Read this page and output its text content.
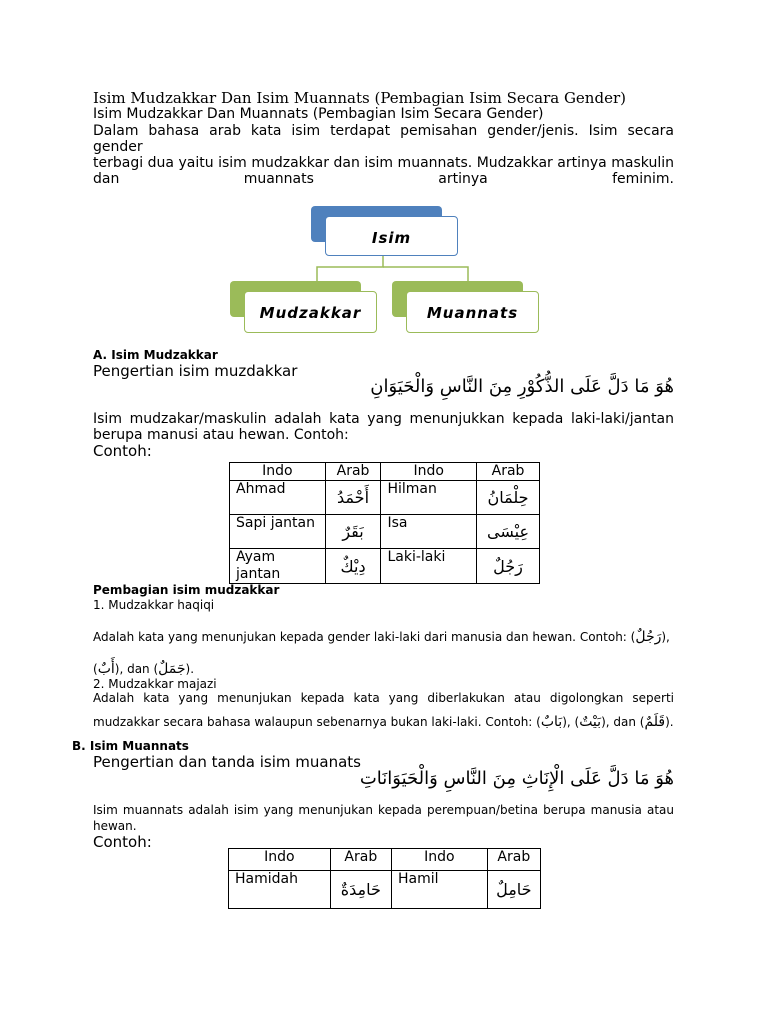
Isim Mudzakkar Dan Isim Muannats (Pembagian Isim Secara Gender)
Isim Mudzakkar Dan Muannats (Pembagian Isim Secara Gender)

Dalam bahasa arab kata isim terdapat pemisahan gender/jenis. Isim secara gender

terbagi dua yaitu isim mudzakkar dan isim muannats. Mudzakkar artinya maskulin

dan muannats artinya feminim.

Isim
Mudzakkar	Muannats
A. Isim Mudzakkar
Pengertian isim muzdakkar
هُوَ مَا دَلَّ عَلَى الذُّكُوْرِ مِنَ النَّاسِ وَالْحَيَوَانِ

Isim mudzakar/maskulin adalah kata yang menunjukkan kepada laki-laki/jantan

berupa manusi atau hewan. Contoh:

Contoh:

Indo	Arab	Indo	Arab
Ahmad	أَحْمَدُ	Hilman	حِلْمَانُ
Sapi jantan	بَقَرٌ	Isa	عِيْسَى
Ayam jantan	دِيْكٌ	Laki-laki	رَجُلٌ
Pembagian isim mudzakkar
1. Mudzakkar haqiqi
Adalah kata yang menunjukan kepada gender laki-laki dari manusia dan hewan. Contoh: (رَجُلٌ), (أَبٌ), dan (جَمَلٌ).
2. Mudzakkar majazi

Adalah kata yang menunjukan kepada kata yang diberlakukan atau digolongkan seperti

mudzakkar secara bahasa walaupun sebenarnya bukan laki-laki. Contoh: (بَابٌ), (بَيْتٌ), dan (قَلَمٌ).

B. Isim Muannats
Pengertian dan tanda isim muanats
هُوَ مَا دَلَّ عَلَى الْإِنَاثِ مِنَ النَّاسِ وَالْحَيَوَانَاتِ

Isim muannats adalah isim yang menunjukan kepada perempuan/betina berupa manusia atau

hewan.

Contoh:

Indo	Arab	Indo	Arab
Hamidah	حَامِدَةٌ	Hamil	حَامِلٌ
